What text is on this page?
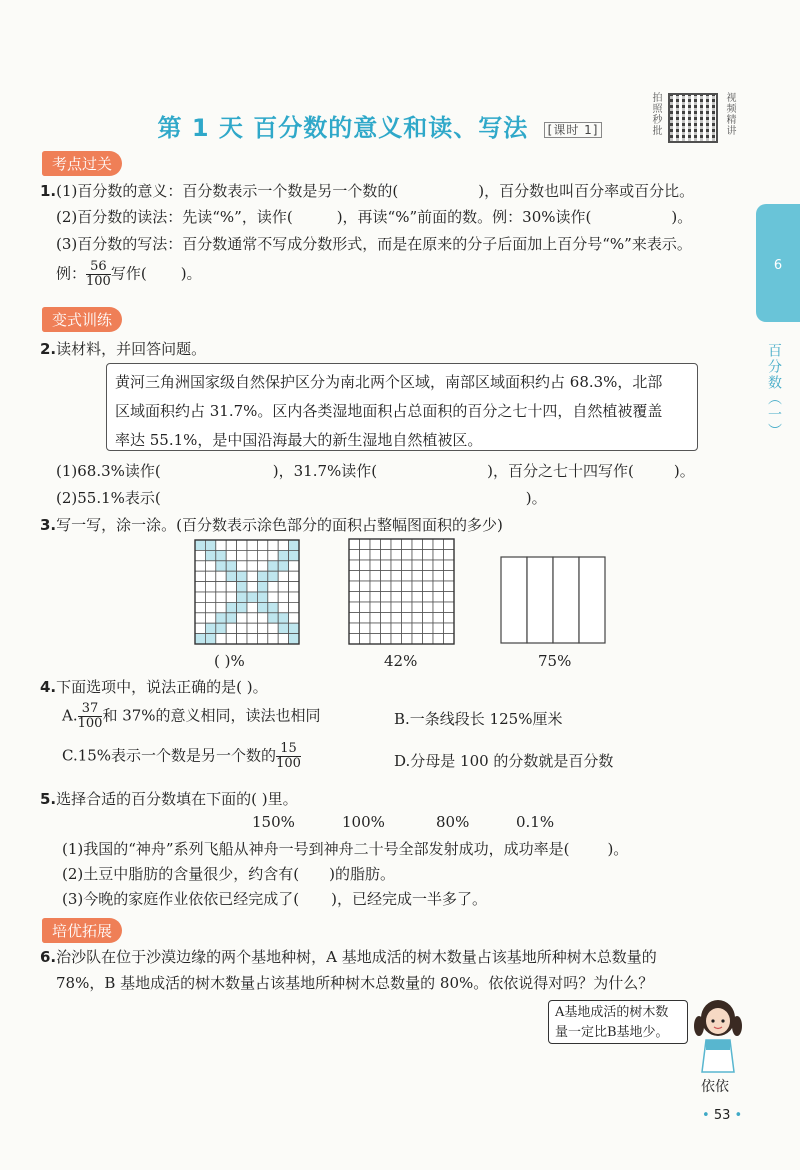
第 1 天 百分数的意义和读、写法 [课时 1]	拍照秒批	视频精讲
6
百分数（一）
考点过关
1.(1)百分数的意义：百分数表示一个数是另一个数的(	)，百分数也叫百分率或百分比。
(2)百分数的读法：先读“%”，读作(	)，再读“%”前面的数。例：30%读作(	)。
(3)百分数的写法：百分数通常不写成分数形式，而是在原来的分子后面加上百分号“%”来表示。
例： $\frac{56}{100}$ 写作( )。
变式训练
2.读材料，并回答问题。
黄河三角洲国家级自然保护区分为南北两个区域，南部区域面积约占 68.3%，北部
区域面积约占 31.7%。区内各类湿地面积占总面积的百分之七十四，自然植被覆盖
率达 55.1%，是中国沿海最大的新生湿地自然植被区。
(1)68.3%读作(	)，31.7%读作(	)，百分之七十四写作(	)。
(2)55.1%表示(	)。
3.写一写，涂一涂。(百分数表示涂色部分的面积占整幅图面积的多少)
( )%	42%	75%
4.下面选项中，说法正确的是( )。
A. $\frac{37}{100}$ 和 37%的意义相同，读法也相同	B.一条线段长 125%厘米
C.15%表示一个数是另一个数的 $\frac{15}{100}$	D.分母是 100 的分数就是百分数
5.选择合适的百分数填在下面的( )里。
150%	100%	80%	0.1%
(1)我国的“神舟”系列飞船从神舟一号到神舟二十号全部发射成功，成功率是(	)。
(2)土豆中脂肪的含量很少，约含有( )的脂肪。
(3)今晚的家庭作业依依已经完成了( )，已经完成一半多了。
培优拓展
6.治沙队在位于沙漠边缘的两个基地种树，A 基地成活的树木数量占该基地所种树木总数量的
78%，B 基地成活的树木数量占该基地所种树木总数量的 80%。依依说得对吗？为什么？
A基地成活的树木数
量一定比B基地少。
依依
• 53 •
